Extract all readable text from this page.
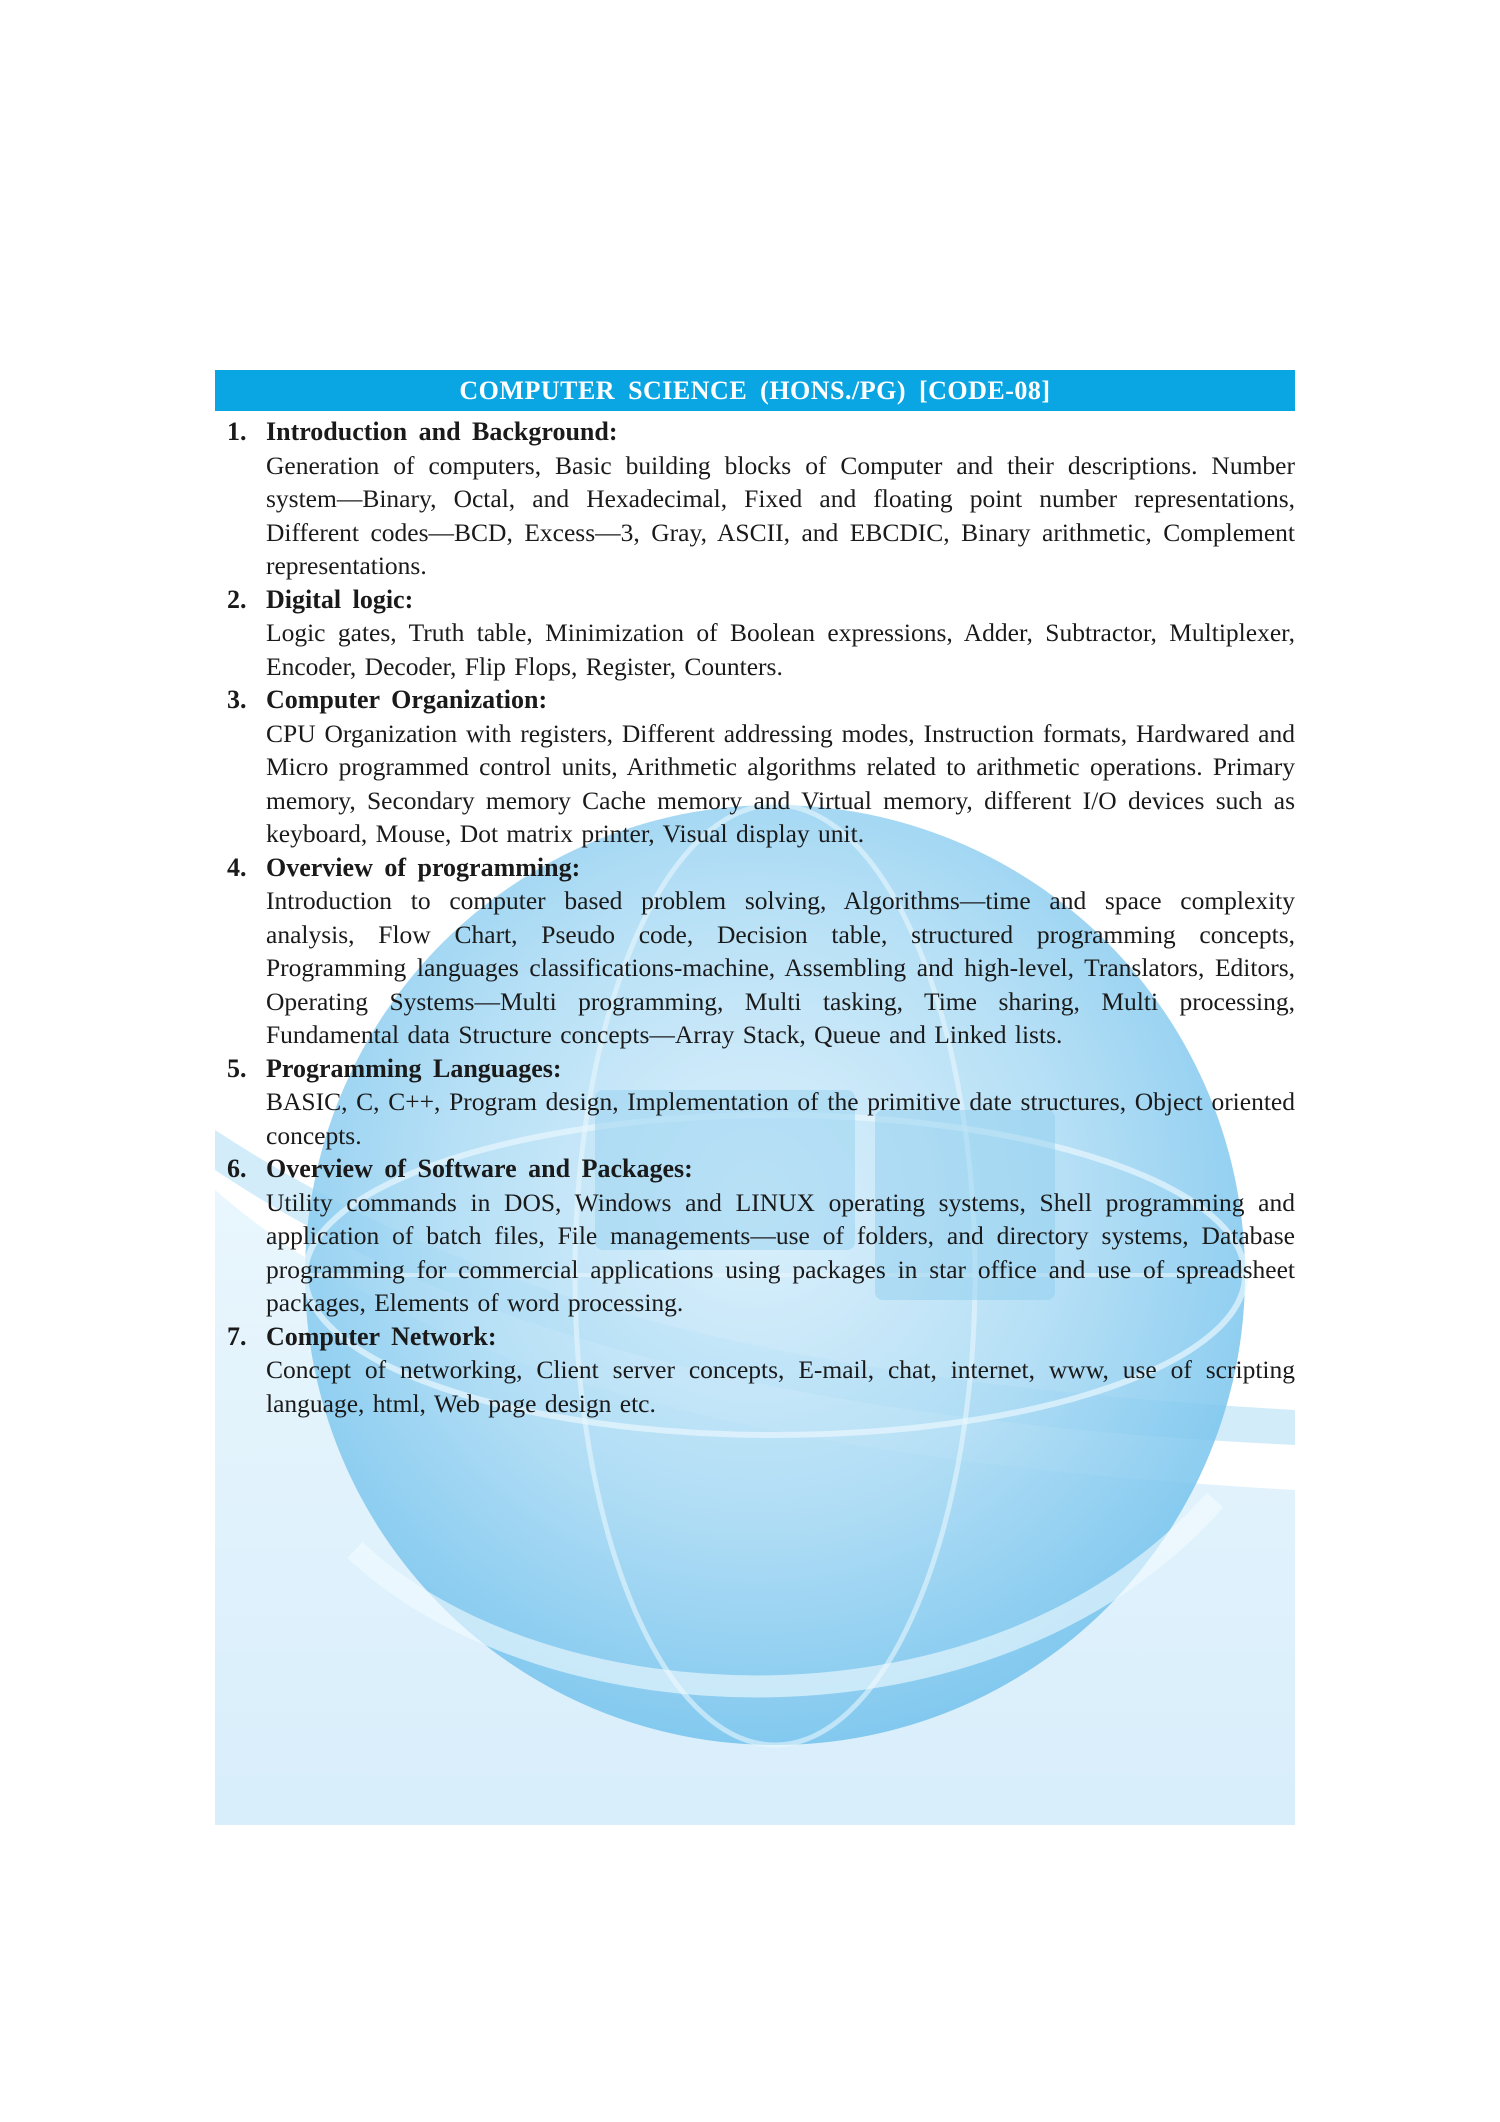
COMPUTER SCIENCE (HONS./PG) [CODE-08]
1. Introduction and Background:
Generation of computers, Basic building blocks of Computer and their descriptions. Number system—Binary, Octal, and Hexadecimal, Fixed and floating point number representations, Different codes—BCD, Excess—3, Gray, ASCII, and EBCDIC, Binary arithmetic, Complement representations.
2. Digital logic:
Logic gates, Truth table, Minimization of Boolean expressions, Adder, Subtractor, Multiplexer, Encoder, Decoder, Flip Flops, Register, Counters.
3. Computer Organization:
CPU Organization with registers, Different addressing modes, Instruction formats, Hardwared and Micro programmed control units, Arithmetic algorithms related to arithmetic operations. Primary memory, Secondary memory Cache memory and Virtual memory, different I/O devices such as keyboard, Mouse, Dot matrix printer, Visual display unit.
4. Overview of programming:
Introduction to computer based problem solving, Algorithms—time and space complexity analysis, Flow Chart, Pseudo code, Decision table, structured programming concepts, Programming languages classifications-machine, Assembling and high-level, Translators, Editors, Operating Systems—Multi programming, Multi tasking, Time sharing, Multi processing, Fundamental data Structure concepts—Array Stack, Queue and Linked lists.
5. Programming Languages:
BASIC, C, C++, Program design, Implementation of the primitive date structures, Object oriented concepts.
6. Overview of Software and Packages:
Utility commands in DOS, Windows and LINUX operating systems, Shell programming and application of batch files, File managements—use of folders, and directory systems, Database programming for commercial applications using packages in star office and use of spreadsheet packages, Elements of word processing.
7. Computer Network:
Concept of networking, Client server concepts, E-mail, chat, internet, www, use of scripting language, html, Web page design etc.
